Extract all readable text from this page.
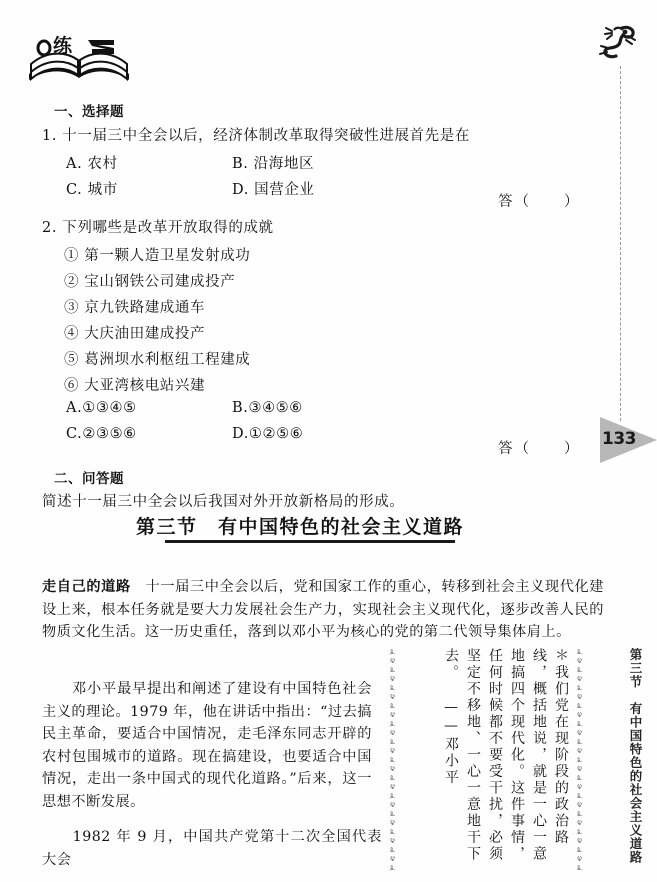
练
133
第三节　有中国特色的社会主义道路
一、选择题
1. 十一届三中全会以后，经济体制改革取得突破性进展首先是在
A. 农村	B. 沿海地区
C. 城市	D. 国营企业
答（　　）
2. 下列哪些是改革开放取得的成就
① 第一颗人造卫星发射成功
② 宝山钢铁公司建成投产
③ 京九铁路建成通车
④ 大庆油田建成投产
⑤ 葛洲坝水利枢纽工程建成
⑥ 大亚湾核电站兴建
A.①③④⑤	B.③④⑤⑥
C.②③⑤⑥	D.①②⑤⑥
答（　　）
二、问答题
简述十一届三中全会以后我国对外开放新格局的形成。
第三节　有中国特色的社会主义道路
走自己的道路　十一届三中全会以后，党和国家工作的重心，转移到社会主义现代化建设上来，根本任务就是要大力发展社会生产力，实现社会主义现代化，逐步改善人民的物质文化生活。这一历史重任，落到以邓小平为核心的党的第二代领导集体肩上。
　　邓小平最早提出和阐述了建设有中国特色社会主义的理论。1979 年，他在讲话中指出：“过去搞民主革命，要适合中国情况，走毛泽东同志开辟的农村包围城市的道路。现在搞建设，也要适合中国情况，走出一条中国式的现代化道路。”后来，这一思想不断发展。
　　1982 年 9 月，中国共产党第十二次全国代表大会
೩೪೩೪೩೪೩೪೩೪೩೪೩೪೩೪೩೪೩೪೩೪೩೪೩
೩೪೩೪೩೪೩೪೩೪೩೪೩೪೩೪೩೪೩೪೩೪೩೪೩
＊我们党在现阶段的政治路线，概括地说，就是一心一意地搞四个现代化。这件事情，任何时候都不要受干扰，必须坚定不移地、一心一意地干下去。
——邓小平
